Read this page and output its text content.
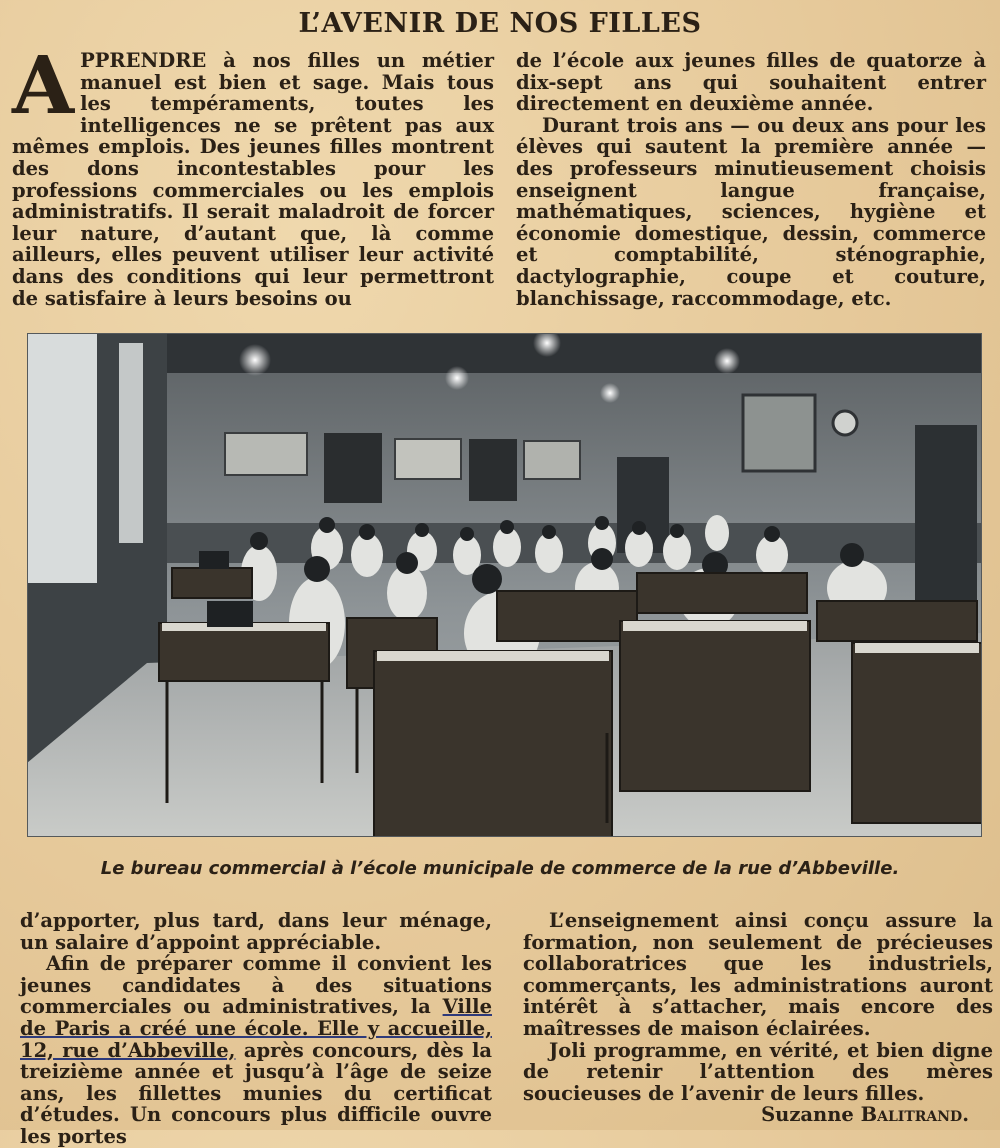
L’AVENIR DE NOS FILLES

APPRENDRE à nos filles un métier manuel est bien et sage. Mais tous les tempéraments, toutes les intelligences ne se prêtent pas aux mêmes emplois. Des jeunes filles montrent des dons incontestables pour les professions commerciales ou les emplois administratifs. Il serait maladroit de forcer leur nature, d’autant que, là comme ailleurs, elles peuvent utiliser leur activité dans des conditions qui leur permettront de satisfaire à leurs besoins ou

de l’école aux jeunes filles de quatorze à dix-sept ans qui souhaitent entrer directement en deuxième année.

Durant trois ans — ou deux ans pour les élèves qui sautent la première année — des professeurs minutieusement choisis enseignent langue française, mathématiques, sciences, hygiène et économie domestique, dessin, commerce et comptabilité, sténographie, dactylographie, coupe et couture, blanchissage, raccommodage, etc.

Le bureau commercial à l’école municipale de commerce de la rue d’Abbeville.

d’apporter, plus tard, dans leur ménage, un salaire d’appoint appréciable.

Afin de préparer comme il convient les jeunes candidates à des situations commerciales ou administratives, la Ville de Paris a créé une école. Elle y accueille, 12, rue d’Abbeville, après concours, dès la treizième année et jusqu’à l’âge de seize ans, les fillettes munies du certificat d’études. Un concours plus difficile ouvre les portes

L’enseignement ainsi conçu assure la formation, non seulement de précieuses collaboratrices que les industriels, commerçants, les administrations auront intérêt à s’attacher, mais encore des maîtresses de maison éclairées.

Joli programme, en vérité, et bien digne de retenir l’attention des mères soucieuses de l’avenir de leurs filles.

Suzanne Balitrand.
